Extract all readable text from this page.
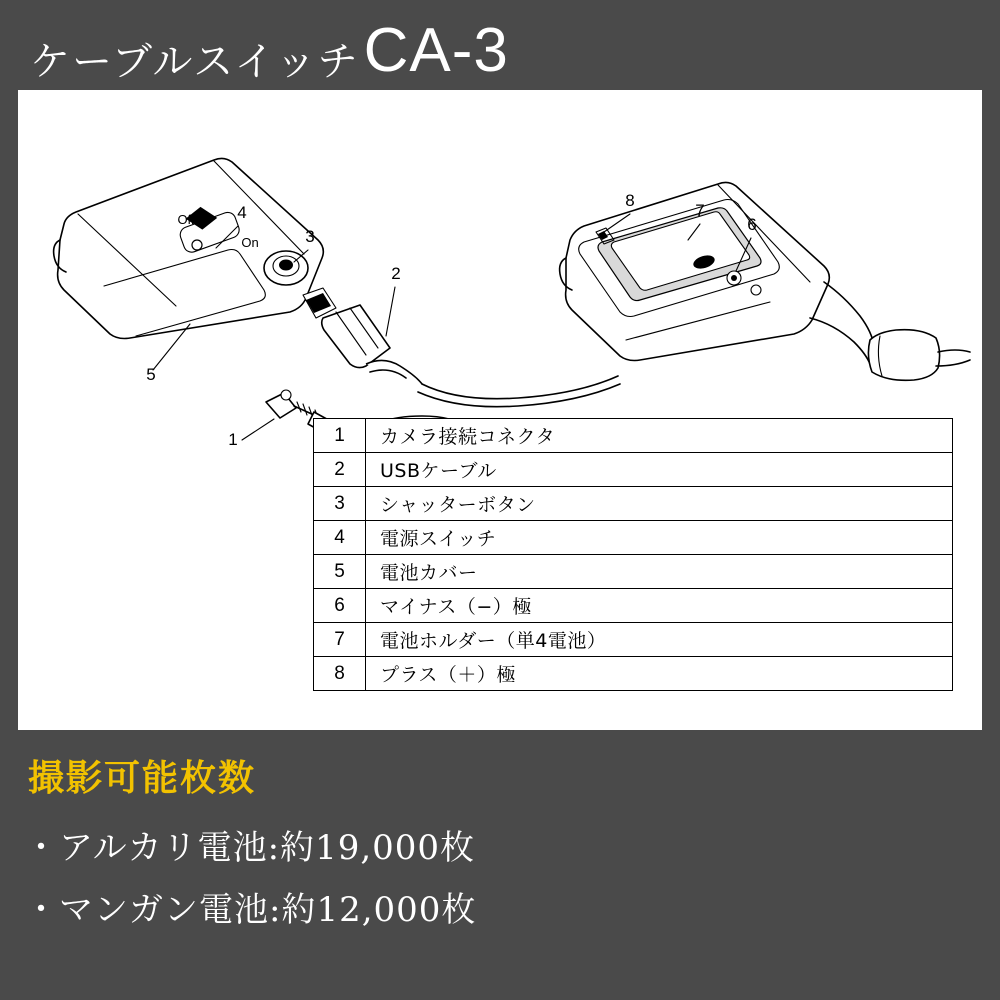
ケーブルスイッチ CA-3
4
3
2
5
1
8
7
6
Off
On
1	カメラ接続コネクタ
2	USBケーブル
3	シャッターボタン
4	電源スイッチ
5	電池カバー
6	マイナス（−）極
7	電池ホルダー（単4電池）
8	プラス（＋）極
撮影可能枚数
・アルカリ電池:約19,000枚
・マンガン電池:約12,000枚
